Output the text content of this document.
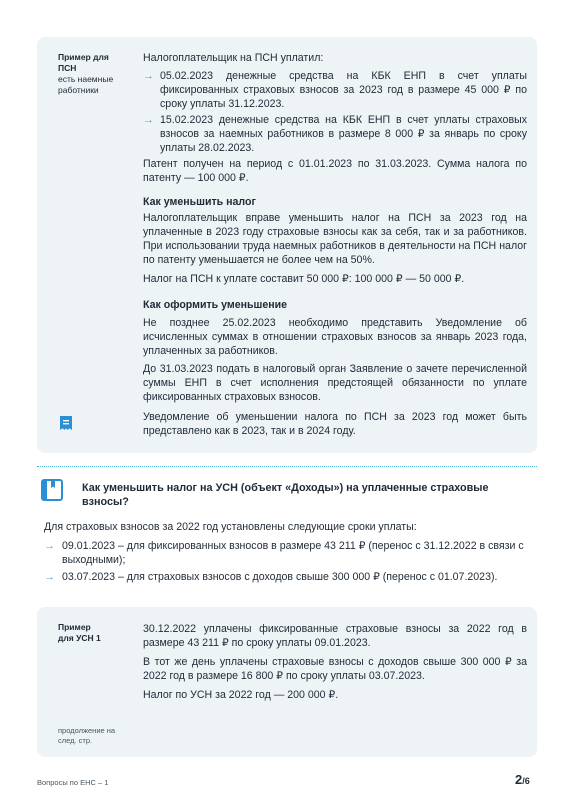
Пример для ПСН
есть наемные работники

Налогоплательщик на ПСН уплатил:

→ 05.02.2023 денежные средства на КБК ЕНП в счет уплаты фиксированных страховых взносов за 2023 год в размере 45 000 ₽ по сроку уплаты 31.12.2023.

→ 15.02.2023 денежные средства на КБК ЕНП в счет уплаты страховых взносов за наемных работников в размере 8 000 ₽ за январь по сроку уплаты 28.02.2023.

Патент получен на период с 01.01.2023 по 31.03.2023. Сумма налога по патенту — 100 000 ₽.

Как уменьшить налог

Налогоплательщик вправе уменьшить налог на ПСН за 2023 год на уплаченные в 2023 году страховые взносы как за себя, так и за работников. При использовании труда наемных работников в деятельности на ПСН налог по патенту уменьшается не более чем на 50%.

Налог на ПСН к уплате составит 50 000 ₽: 100 000 ₽ — 50 000 ₽.

Как оформить уменьшение

Не позднее 25.02.2023 необходимо представить Уведомление об исчисленных суммах в отношении страховых взносов за январь 2023 года, уплаченных за работников.

До 31.03.2023 подать в налоговый орган Заявление о зачете перечисленной суммы ЕНП в счет исполнения предстоящей обязанности по уплате фиксированных страховых взносов.

Уведомление об уменьшении налога по ПСН за 2023 год может быть представлено как в 2023, так и в 2024 году.

Как уменьшить налог на УСН (объект «Доходы») на уплаченные страховые взносы?

Для страховых взносов за 2022 год установлены следующие сроки уплаты:

→ 09.01.2023 – для фиксированных взносов в размере 43 211 ₽ (перенос с 31.12.2022 в связи с выходными);

→ 03.07.2023 – для страховых взносов с доходов свыше 300 000 ₽ (перенос с 01.07.2023).

Пример для УСН 1

30.12.2022 уплачены фиксированные страховые взносы за 2022 год в размере 43 211 ₽ по сроку уплаты 09.01.2023.

В тот же день уплачены страховые взносы с доходов свыше 300 000 ₽ за 2022 год в размере 16 800 ₽ по сроку уплаты 03.07.2023.

Налог по УСН за 2022 год — 200 000 ₽.

продолжение на след. стр.
Вопросы по ЕНС – 1	2/6
